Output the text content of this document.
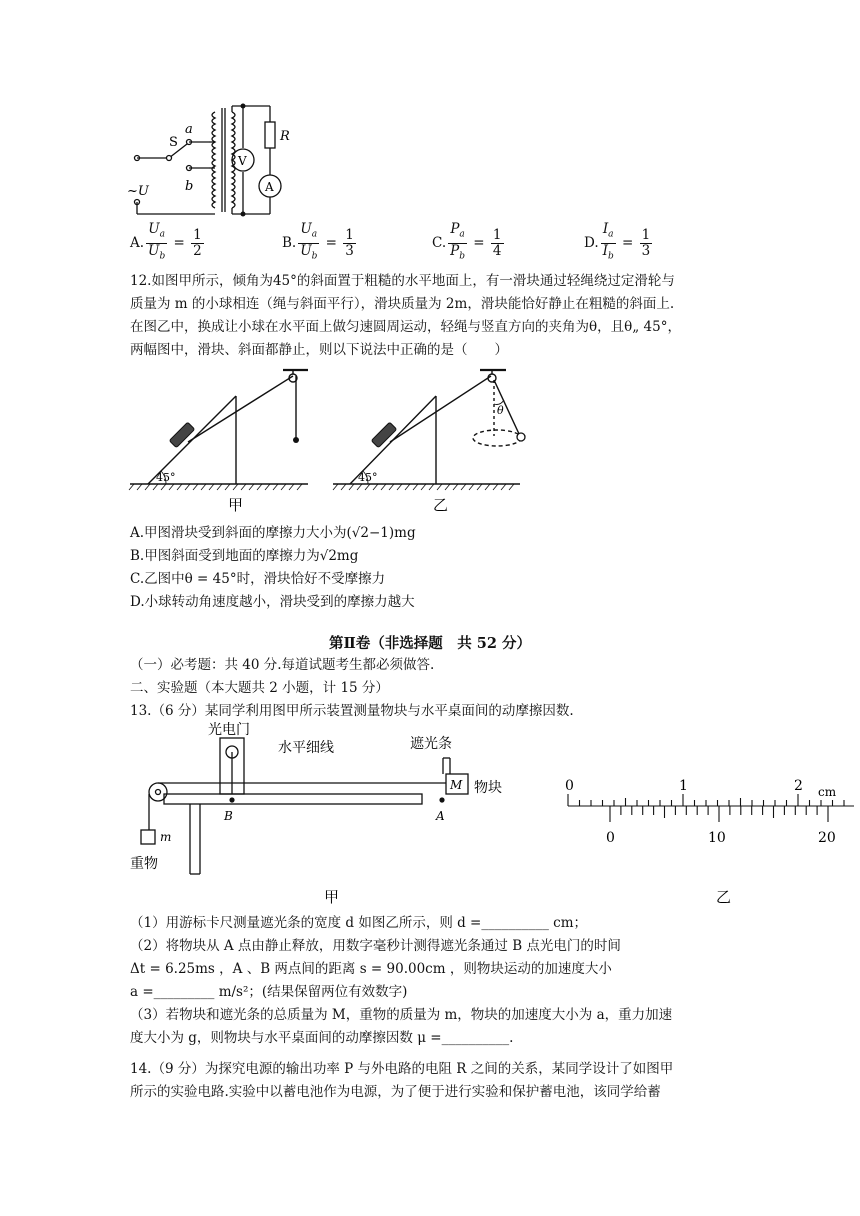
S
a
b
~U
V
A
R
A. $\frac{U_a}{U_b} = \frac{1}{2}$	B. $\frac{U_a}{U_b} = \frac{1}{3}$	C. $\frac{P_a}{P_b} = \frac{1}{4}$	D. $\frac{I_a}{I_b} = \frac{1}{3}$
12.如图甲所示，倾角为45°的斜面置于粗糙的水平地面上，有一滑块通过轻绳绕过定滑轮与
质量为 m 的小球相连（绳与斜面平行），滑块质量为 2m，滑块能恰好静止在粗糙的斜面上.
在图乙中，换成让小球在水平面上做匀速圆周运动，轻绳与竖直方向的夹角为θ，且θ„ 45°，
两幅图中，滑块、斜面都静止，则以下说法中正确的是（　　）
45°	45°
θ
甲	乙
A.甲图滑块受到斜面的摩擦力大小为(√2−1)mg
B.甲图斜面受到地面的摩擦力为√2mg
C.乙图中θ = 45°时，滑块恰好不受摩擦力
D.小球转动角速度越小，滑块受到的摩擦力越大
第Ⅱ卷（非选择题　共 52 分）
（一）必考题：共 40 分.每道试题考生都必须做答.
二、实验题（本大题共 2 小题，计 15 分）
13.（6 分）某同学利用图甲所示装置测量物块与水平桌面间的动摩擦因数.
光电门
水平细线	遮光条
物块
M
m
重物
B	A
甲
0	1	2 cm
0	10	20
乙
（1）用游标卡尺测量遮光条的宽度 d 如图乙所示，则 d =__________ cm；
（2）将物块从 A 点由静止释放，用数字毫秒计测得遮光条通过 B 点光电门的时间
Δt = 6.25ms ，A 、B 两点间的距离 s = 90.00cm ，则物块运动的加速度大小
a =_________ m/s²；(结果保留两位有效数字)
（3）若物块和遮光条的总质量为 M，重物的质量为 m，物块的加速度大小为 a，重力加速
度大小为 g，则物块与水平桌面间的动摩擦因数 μ =__________.
14.（9 分）为探究电源的输出功率 P 与外电路的电阻 R 之间的关系，某同学设计了如图甲
所示的实验电路.实验中以蓄电池作为电源，为了便于进行实验和保护蓄电池，该同学给蓄
